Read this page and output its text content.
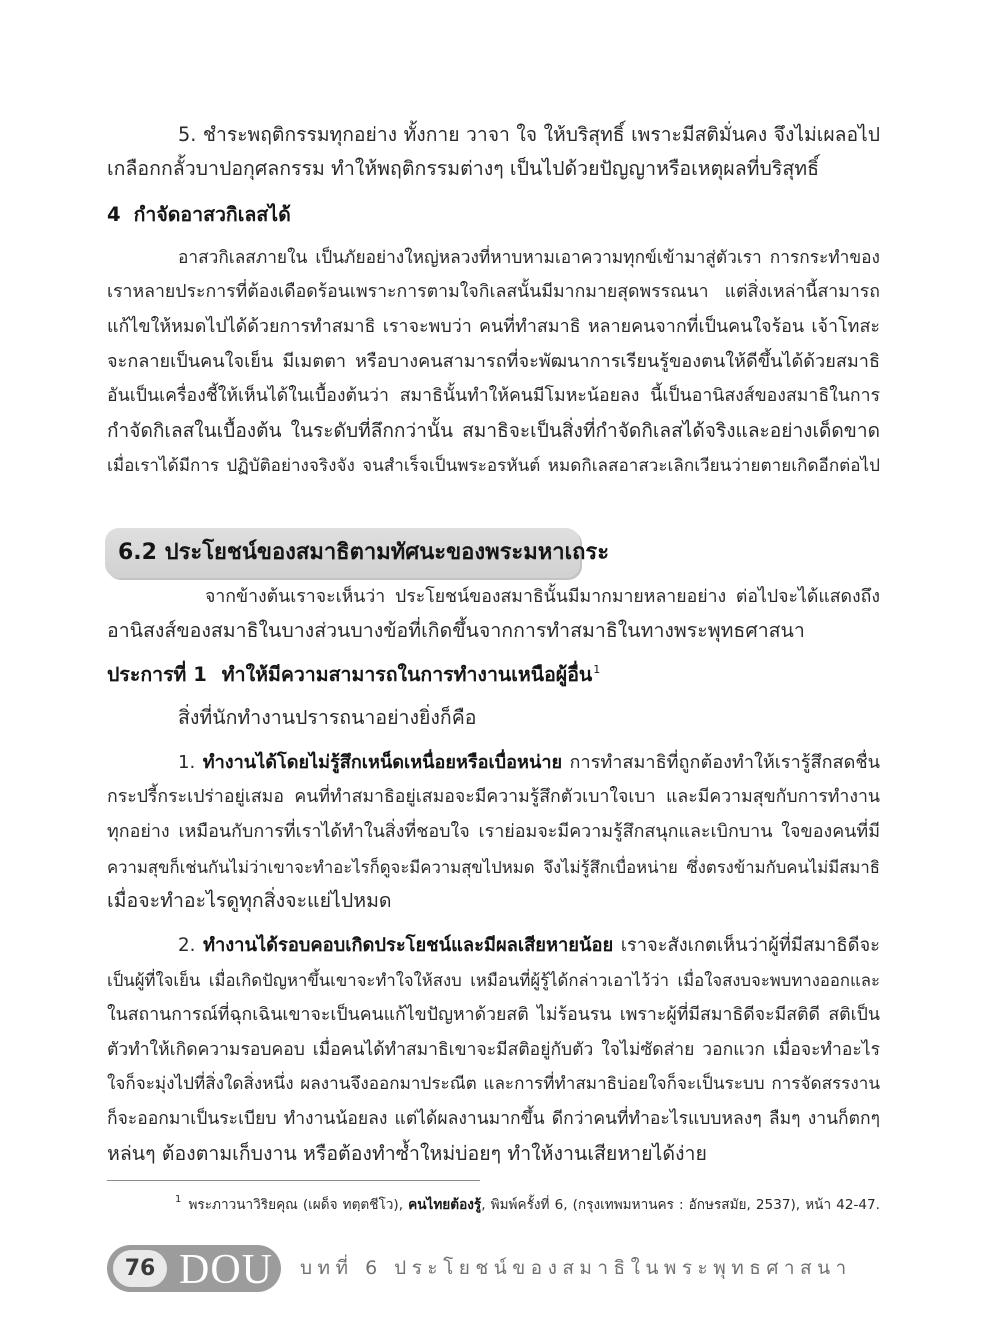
5. ชำระพฤติกรรมทุกอย่าง ทั้งกาย วาจา ใจ ให้บริสุทธิ์ เพราะมีสติมั่นคง จึงไม่เผลอไป
เกลือกกลั้วบาปอกุศลกรรม ทำให้พฤติกรรมต่างๆ เป็นไปด้วยปัญญาหรือเหตุผลที่บริสุทธิ์
4 กำจัดอาสวกิเลสได้
อาสวกิเลสภายใน เป็นภัยอย่างใหญ่หลวงที่หาบหามเอาความทุกข์เข้ามาสู่ตัวเรา การกระทำของ
เราหลายประการที่ต้องเดือดร้อนเพราะการตามใจกิเลสนั้นมีมากมายสุดพรรณนา แต่สิ่งเหล่านี้สามารถ
แก้ไขให้หมดไปได้ด้วยการทำสมาธิ เราจะพบว่า คนที่ทำสมาธิ หลายคนจากที่เป็นคนใจร้อน เจ้าโทสะ
จะกลายเป็นคนใจเย็น มีเมตตา หรือบางคนสามารถที่จะพัฒนาการเรียนรู้ของตนให้ดีขึ้นได้ด้วยสมาธิ
อันเป็นเครื่องชี้ให้เห็นได้ในเบื้องต้นว่า สมาธินั้นทำให้คนมีโมหะน้อยลง นี้เป็นอานิสงส์ของสมาธิในการ
กำจัดกิเลสในเบื้องต้น ในระดับที่ลึกกว่านั้น สมาธิจะเป็นสิ่งที่กำจัดกิเลสได้จริงและอย่างเด็ดขาด
เมื่อเราได้มีการ ปฏิบัติอย่างจริงจัง จนสำเร็จเป็นพระอรหันต์ หมดกิเลสอาสวะเลิกเวียนว่ายตายเกิดอีกต่อไป
6.2 ประโยชน์ของสมาธิตามทัศนะของพระมหาเถระ
จากข้างต้นเราจะเห็นว่า ประโยชน์ของสมาธินั้นมีมากมายหลายอย่าง ต่อไปจะได้แสดงถึง
อานิสงส์ของสมาธิในบางส่วนบางข้อที่เกิดขึ้นจากการทำสมาธิในทางพระพุทธศาสนา
ประการที่ 1 ทำให้มีความสามารถในการทำงานเหนือผู้อื่น$^1$
สิ่งที่นักทำงานปรารถนาอย่างยิ่งก็คือ
1. ทำงานได้โดยไม่รู้สึกเหน็ดเหนื่อยหรือเบื่อหน่าย การทำสมาธิที่ถูกต้องทำให้เรารู้สึกสดชื่น
กระปรี้กระเปร่าอยู่เสมอ คนที่ทำสมาธิอยู่เสมอจะมีความรู้สึกตัวเบาใจเบา และมีความสุขกับการทำงาน
ทุกอย่าง เหมือนกับการที่เราได้ทำในสิ่งที่ชอบใจ เราย่อมจะมีความรู้สึกสนุกและเบิกบาน ใจของคนที่มี
ความสุขก็เช่นกันไม่ว่าเขาจะทำอะไรก็ดูจะมีความสุขไปหมด จึงไม่รู้สึกเบื่อหน่าย ซึ่งตรงข้ามกับคนไม่มีสมาธิ
เมื่อจะทำอะไรดูทุกสิ่งจะแย่ไปหมด
2. ทำงานได้รอบคอบเกิดประโยชน์และมีผลเสียหายน้อย เราจะสังเกตเห็นว่าผู้ที่มีสมาธิดีจะ
เป็นผู้ที่ใจเย็น เมื่อเกิดปัญหาขึ้นเขาจะทำใจให้สงบ เหมือนที่ผู้รู้ได้กล่าวเอาไว้ว่า เมื่อใจสงบจะพบทางออกและ
ในสถานการณ์ที่ฉุกเฉินเขาจะเป็นคนแก้ไขปัญหาด้วยสติ ไม่ร้อนรน เพราะผู้ที่มีสมาธิดีจะมีสติดี สติเป็น
ตัวทำให้เกิดความรอบคอบ เมื่อคนได้ทำสมาธิเขาจะมีสติอยู่กับตัว ใจไม่ซัดส่าย วอกแวก เมื่อจะทำอะไร
ใจก็จะมุ่งไปที่สิ่งใดสิ่งหนึ่ง ผลงานจึงออกมาประณีต และการที่ทำสมาธิบ่อยใจก็จะเป็นระบบ การจัดสรรงาน
ก็จะออกมาเป็นระเบียบ ทำงานน้อยลง แต่ได้ผลงานมากขึ้น ดีกว่าคนที่ทำอะไรแบบหลงๆ ลืมๆ งานก็ตกๆ
หล่นๆ ต้องตามเก็บงาน หรือต้องทำซ้ำใหม่บ่อยๆ ทำให้งานเสียหายได้ง่าย
$^1$ พระภาวนาวิริยคุณ (เผด็จ ทตฺตชีโว), คนไทยต้องรู้, พิมพ์ครั้งที่ 6, (กรุงเทพมหานคร : อักษรสมัย, 2537), หน้า 42-47.
76 DOU บทที่ 6 ประโยชน์ของสมาธิในพระพุทธศาสนา
